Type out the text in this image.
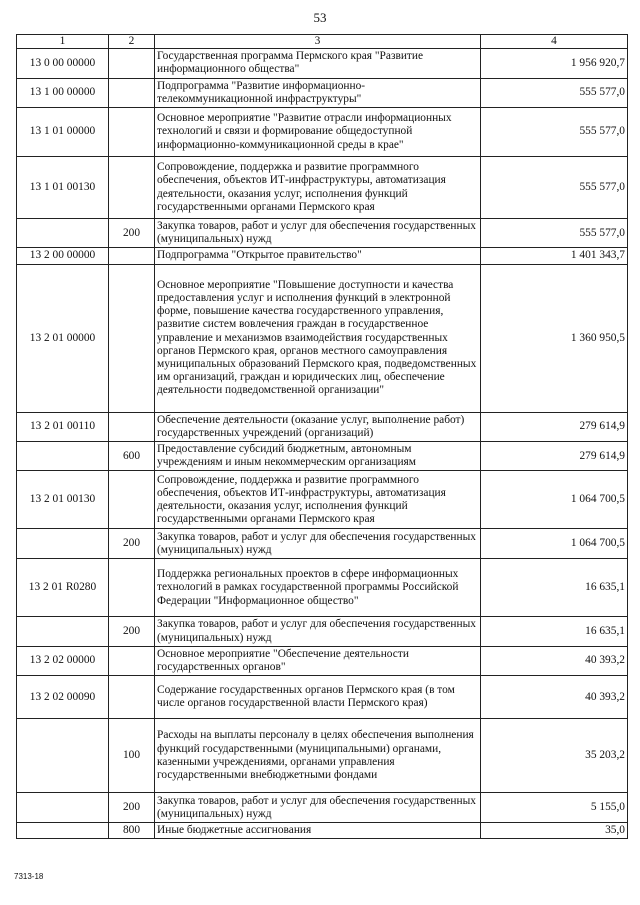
53
1	2	3	4
13 0 00 00000		Государственная программа Пермского края "Развитие информационного общества"	1 956 920,7
13 1 00 00000		Подпрограмма "Развитие информационно-телекоммуникационной инфраструктуры"	555 577,0
13 1 01 00000		Основное мероприятие "Развитие отрасли информационных технологий и связи и формирование общедоступной информационно-коммуникационной среды в крае"	555 577,0
13 1 01 00130		Сопровождение, поддержка и развитие программного обеспечения, объектов ИТ-инфраструктуры, автоматизация деятельности, оказания услуг, исполнения функций государственными органами Пермского края	555 577,0
	200	Закупка товаров, работ и услуг для обеспечения государственных (муниципальных) нужд	555 577,0
13 2 00 00000		Подпрограмма "Открытое правительство"	1 401 343,7
13 2 01 00000		Основное мероприятие "Повышение доступности и качества предоставления услуг и исполнения функций в электронной форме, повышение качества государственного управления, развитие систем вовлечения граждан в государственное управление и механизмов взаимодействия государственных органов Пермского края, органов местного самоуправления муниципальных образований Пермского края, подведомственных им организаций, граждан и юридических лиц, обеспечение деятельности подведомственной организации"	1 360 950,5
13 2 01 00110		Обеспечение деятельности (оказание услуг, выполнение работ) государственных учреждений (организаций)	279 614,9
	600	Предоставление субсидий бюджетным, автономным учреждениям и иным некоммерческим организациям	279 614,9
13 2 01 00130		Сопровождение, поддержка и развитие программного обеспечения, объектов ИТ-инфраструктуры, автоматизация деятельности, оказания услуг, исполнения функций государственными органами Пермского края	1 064 700,5
	200	Закупка товаров, работ и услуг для обеспечения государственных (муниципальных) нужд	1 064 700,5
13 2 01 R0280		Поддержка региональных проектов в сфере информационных технологий в рамках государственной программы Российской Федерации "Информационное общество"	16 635,1
	200	Закупка товаров, работ и услуг для обеспечения государственных (муниципальных) нужд	16 635,1
13 2 02 00000		Основное мероприятие "Обеспечение деятельности государственных органов"	40 393,2
13 2 02 00090		Содержание государственных органов Пермского края (в том числе органов государственной власти Пермского края)	40 393,2
	100	Расходы на выплаты персоналу в целях обеспечения выполнения функций государственными (муниципальными) органами, казенными учреждениями, органами управления государственными внебюджетными фондами	35 203,2
	200	Закупка товаров, работ и услуг для обеспечения государственных (муниципальных) нужд	5 155,0
	800	Иные бюджетные ассигнования	35,0
7313-18
